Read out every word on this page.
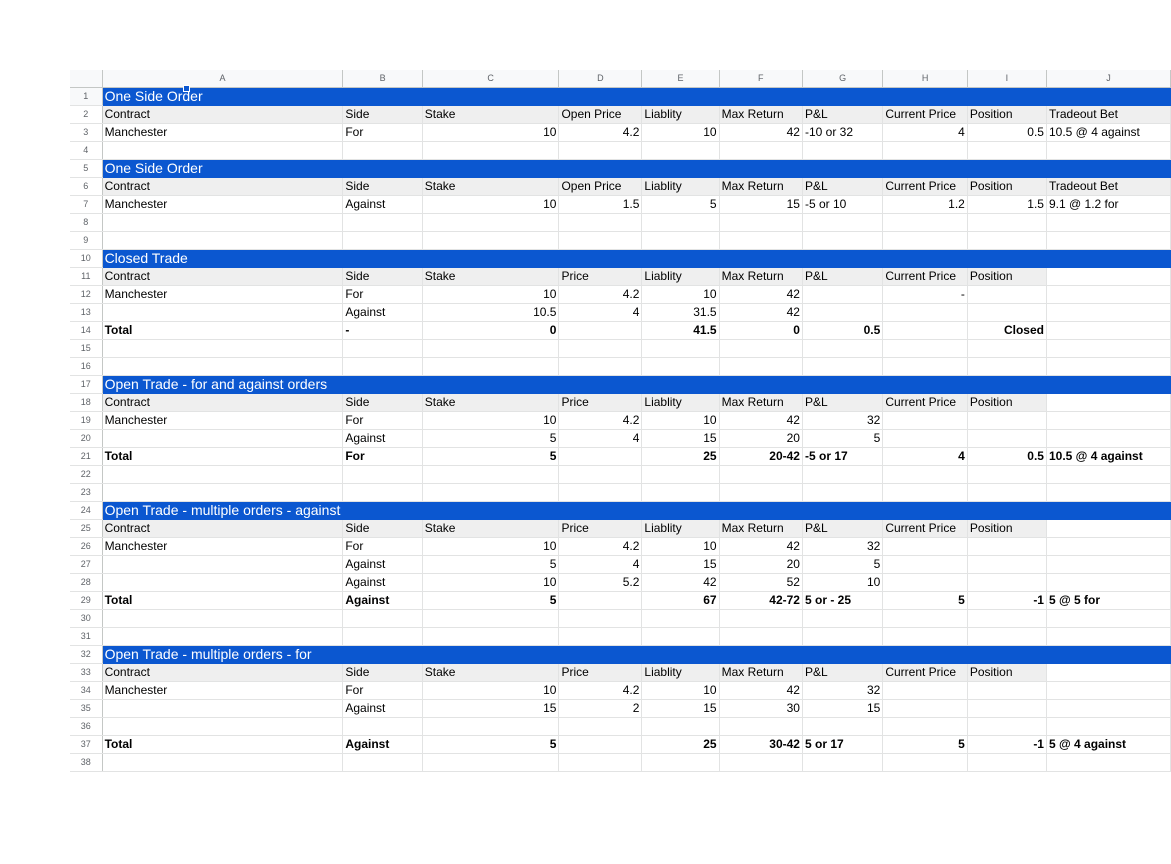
	A	B	C	D	E	F	G	H	I	J
1	One Side Order

2	Contract	Side	Stake	Open Price	Liablity	Max Return	P&L	Current Price	Position	Tradeout Bet
3	Manchester	For	10	4.2	10	42	-10 or 32	4	0.5	10.5 @ 4 against
4										
5	One Side Order									
6	Contract	Side	Stake	Open Price	Liablity	Max Return	P&L	Current Price	Position	Tradeout Bet
7	Manchester	Against	10	1.5	5	15	-5 or 10	1.2	1.5	9.1 @ 1.2 for
8										
9										
10	Closed Trade									
11	Contract	Side	Stake	Price	Liablity	Max Return	P&L	Current Price	Position	
12	Manchester	For	10	4.2	10	42		-		
13		Against	10.5	4	31.5	42				
14	Total	-	0		41.5	0	0.5		Closed	
15										
16										
17	Open Trade - for and against orders									
18	Contract	Side	Stake	Price	Liablity	Max Return	P&L	Current Price	Position	
19	Manchester	For	10	4.2	10	42	32			
20		Against	5	4	15	20	5			
21	Total	For	5		25	20-42	-5 or 17	4	0.5	10.5 @ 4 against
22										
23										
24	Open Trade - multiple orders - against									
25	Contract	Side	Stake	Price	Liablity	Max Return	P&L	Current Price	Position	
26	Manchester	For	10	4.2	10	42	32			
27		Against	5	4	15	20	5			
28		Against	10	5.2	42	52	10			
29	Total	Against	5		67	42-72	5 or - 25	5	-1	5 @ 5 for
30										
31										
32	Open Trade - multiple orders - for									
33	Contract	Side	Stake	Price	Liablity	Max Return	P&L	Current Price	Position	
34	Manchester	For	10	4.2	10	42	32			
35		Against	15	2	15	30	15			
36										
37	Total	Against	5		25	30-42	5 or 17	5	-1	5 @ 4 against
38										
